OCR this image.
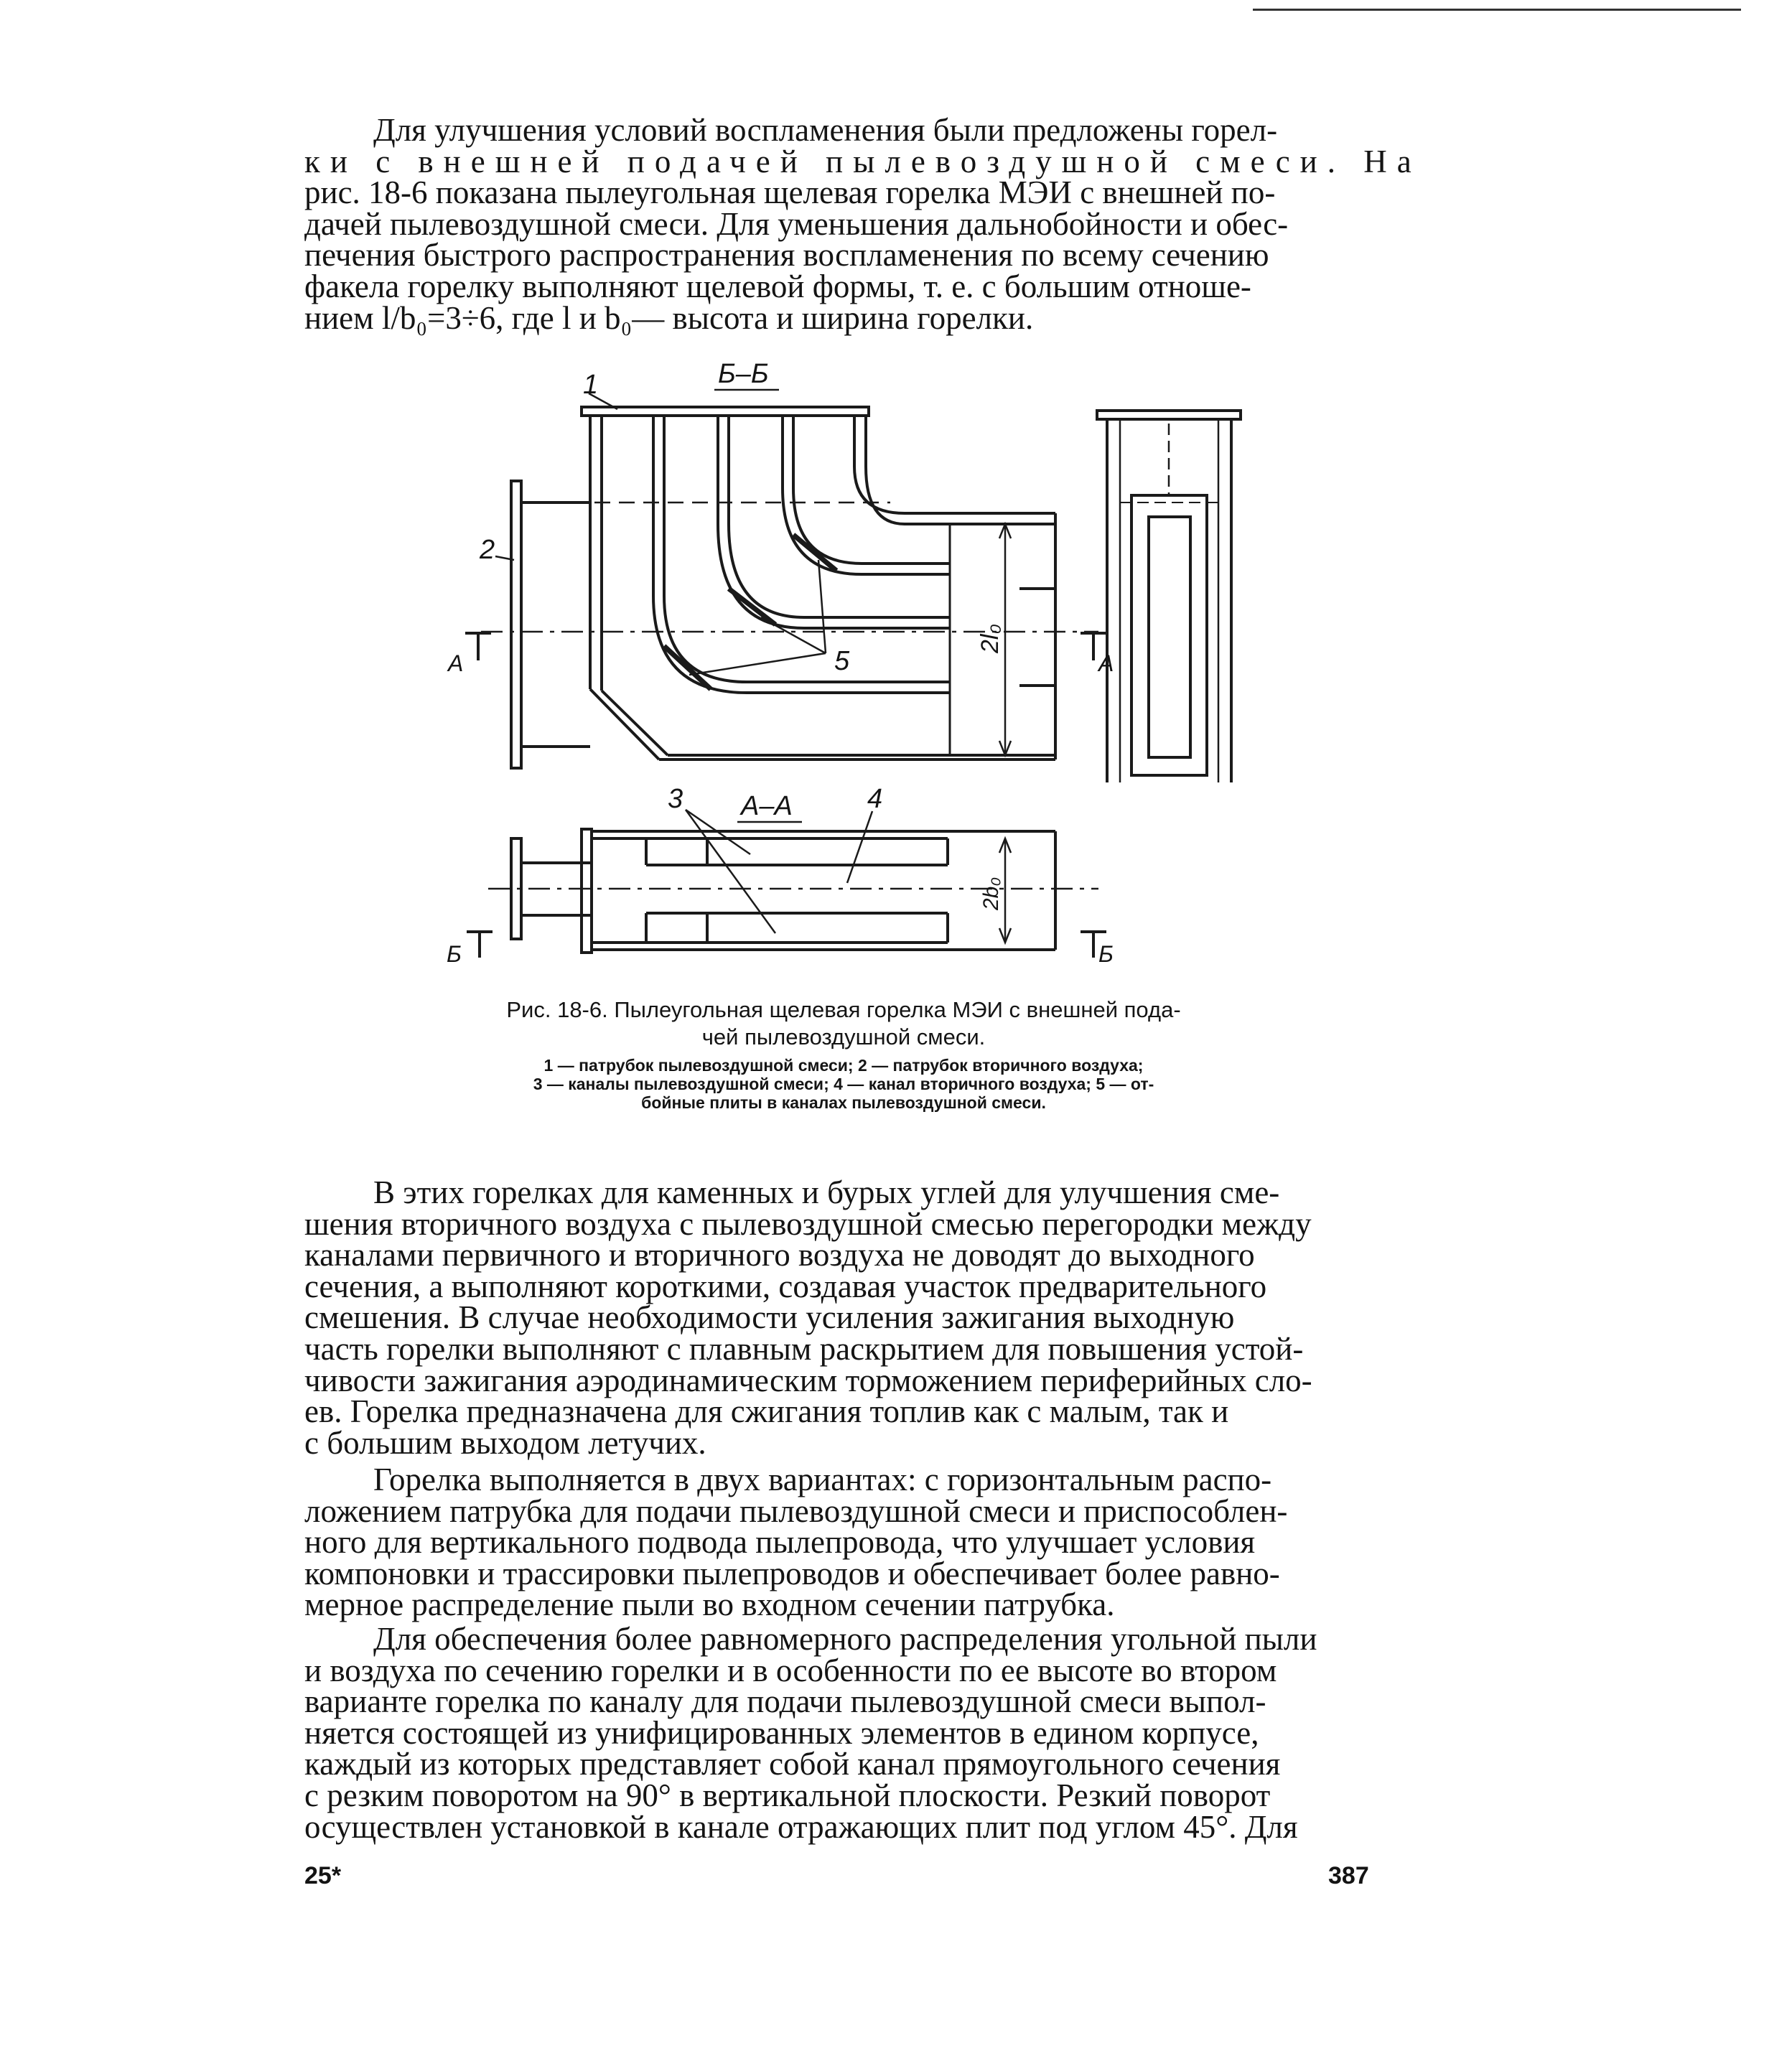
Для улучшения условий воспламенения были предложены горел-
ки с внешней подачей пылевоздушной смеси. На
рис. 18-6 показана пылеугольная щелевая горелка МЭИ с внешней по-
дачей пылевоздушной смеси. Для уменьшения дальнобойности и обес-
печения быстрого распространения воспламенения по всему сечению
факела горелку выполняют щелевой формы, т. е. с большим отноше-
нием l/b₀=3÷6, где l и b₀— высота и ширина горелки.
Б–Б
1
2
5
2l₀
А	А
А–А
3	4
2b₀
Б	Б
Рис. 18-6. Пылеугольная щелевая горелка МЭИ с внешней пода-
чей пылевоздушной смеси.
1 — патрубок пылевоздушной смеси; 2 — патрубок вторичного воздуха;
3 — каналы пылевоздушной смеси; 4 — канал вторичного воздуха; 5 — от-
бойные плиты в каналах пылевоздушной смеси.
В этих горелках для каменных и бурых углей для улучшения сме-
шения вторичного воздуха с пылевоздушной смесью перегородки между
каналами первичного и вторичного воздуха не доводят до выходного
сечения, а выполняют короткими, создавая участок предварительного
смешения. В случае необходимости усиления зажигания выходную
часть горелки выполняют с плавным раскрытием для повышения устой-
чивости зажигания аэродинамическим торможением периферийных сло-
ев. Горелка предназначена для сжигания топлив как с малым, так и
с большим выходом летучих.
Горелка выполняется в двух вариантах: с горизонтальным распо-
ложением патрубка для подачи пылевоздушной смеси и приспособлен-
ного для вертикального подвода пылепровода, что улучшает условия
компоновки и трассировки пылепроводов и обеспечивает более равно-
мерное распределение пыли во входном сечении патрубка.
Для обеспечения более равномерного распределения угольной пыли
и воздуха по сечению горелки и в особенности по ее высоте во втором
варианте горелка по каналу для подачи пылевоздушной смеси выпол-
няется состоящей из унифицированных элементов в едином корпусе,
каждый из которых представляет собой канал прямоугольного сечения
с резким поворотом на 90° в вертикальной плоскости. Резкий поворот
осуществлен установкой в канале отражающих плит под углом 45°. Для
25*	387
